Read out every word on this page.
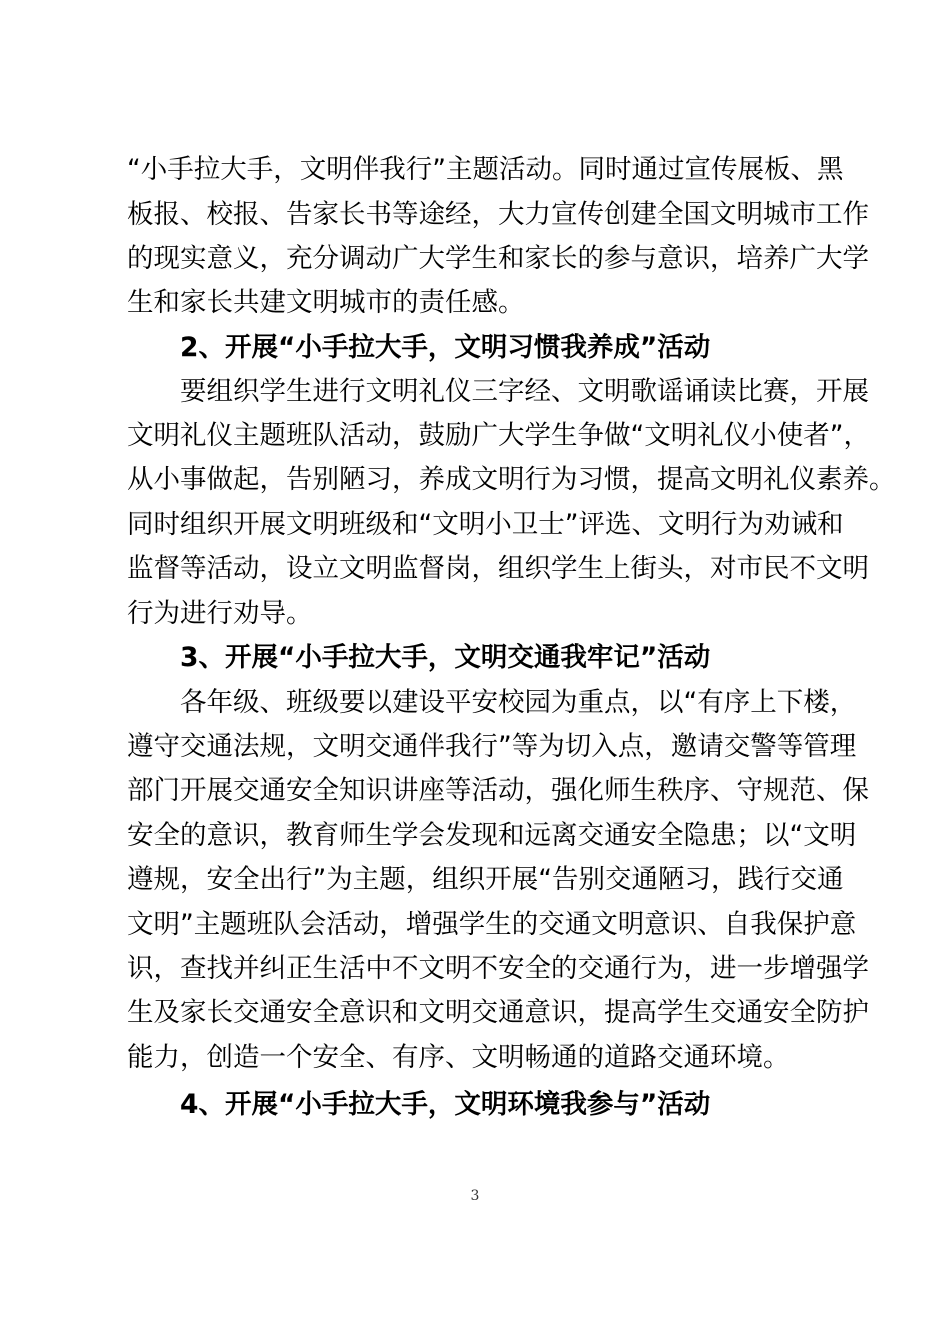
“小手拉大手，文明伴我行”主题活动。同时通过宣传展板、黑
板报、校报、告家长书等途经，大力宣传创建全国文明城市工作
的现实意义，充分调动广大学生和家长的参与意识，培养广大学
生和家长共建文明城市的责任感。
2、开展“小手拉大手，文明习惯我养成”活动
要组织学生进行文明礼仪三字经、文明歌谣诵读比赛，开展
文明礼仪主题班队活动，鼓励广大学生争做“文明礼仪小使者”，
从小事做起，告别陋习，养成文明行为习惯，提高文明礼仪素养。
同时组织开展文明班级和“文明小卫士”评选、文明行为劝诫和
监督等活动，设立文明监督岗，组织学生上街头，对市民不文明
行为进行劝导。
3、开展“小手拉大手，文明交通我牢记”活动
各年级、班级要以建设平安校园为重点，以“有序上下楼，
遵守交通法规，文明交通伴我行”等为切入点，邀请交警等管理
部门开展交通安全知识讲座等活动，强化师生秩序、守规范、保
安全的意识，教育师生学会发现和远离交通安全隐患；以“文明
遵规，安全出行”为主题，组织开展“告别交通陋习，践行交通
文明”主题班队会活动，增强学生的交通文明意识、自我保护意
识，查找并纠正生活中不文明不安全的交通行为，进一步增强学
生及家长交通安全意识和文明交通意识，提高学生交通安全防护
能力，创造一个安全、有序、文明畅通的道路交通环境。
4、开展“小手拉大手，文明环境我参与”活动
3
